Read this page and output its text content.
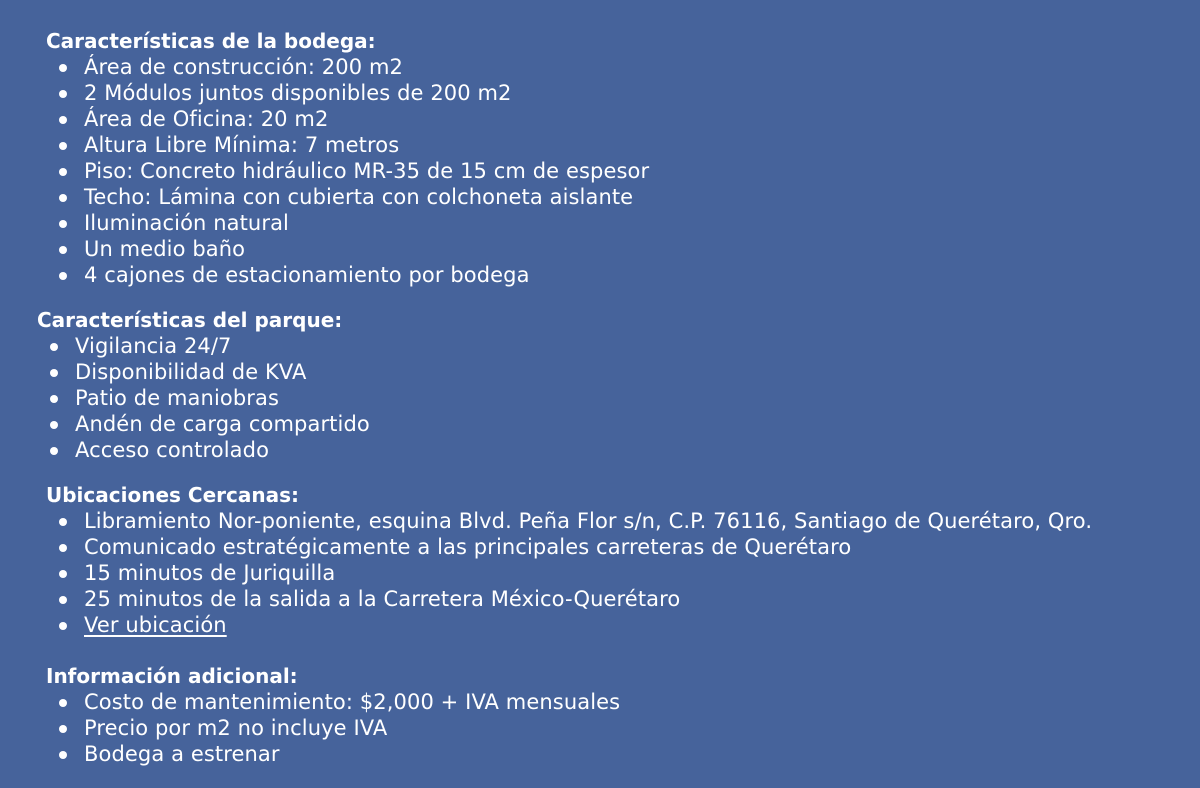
Características de la bodega:
Área de construcción: 200 m2
2 Módulos juntos disponibles de 200 m2
Área de Oficina: 20 m2
Altura Libre Mínima: 7 metros
Piso: Concreto hidráulico MR-35 de 15 cm de espesor
Techo: Lámina con cubierta con colchoneta aislante
Iluminación natural
Un medio baño
4 cajones de estacionamiento por bodega
Características del parque:
Vigilancia 24/7
Disponibilidad de KVA
Patio de maniobras
Andén de carga compartido
Acceso controlado
Ubicaciones Cercanas:
Libramiento Nor-poniente, esquina Blvd. Peña Flor s/n, C.P. 76116, Santiago de Querétaro, Qro.
Comunicado estratégicamente a las principales carreteras de Querétaro
15 minutos de Juriquilla
25 minutos de la salida a la Carretera México-Querétaro
Ver ubicación
Información adicional:
Costo de mantenimiento: $2,000 + IVA mensuales
Precio por m2 no incluye IVA
Bodega a estrenar
